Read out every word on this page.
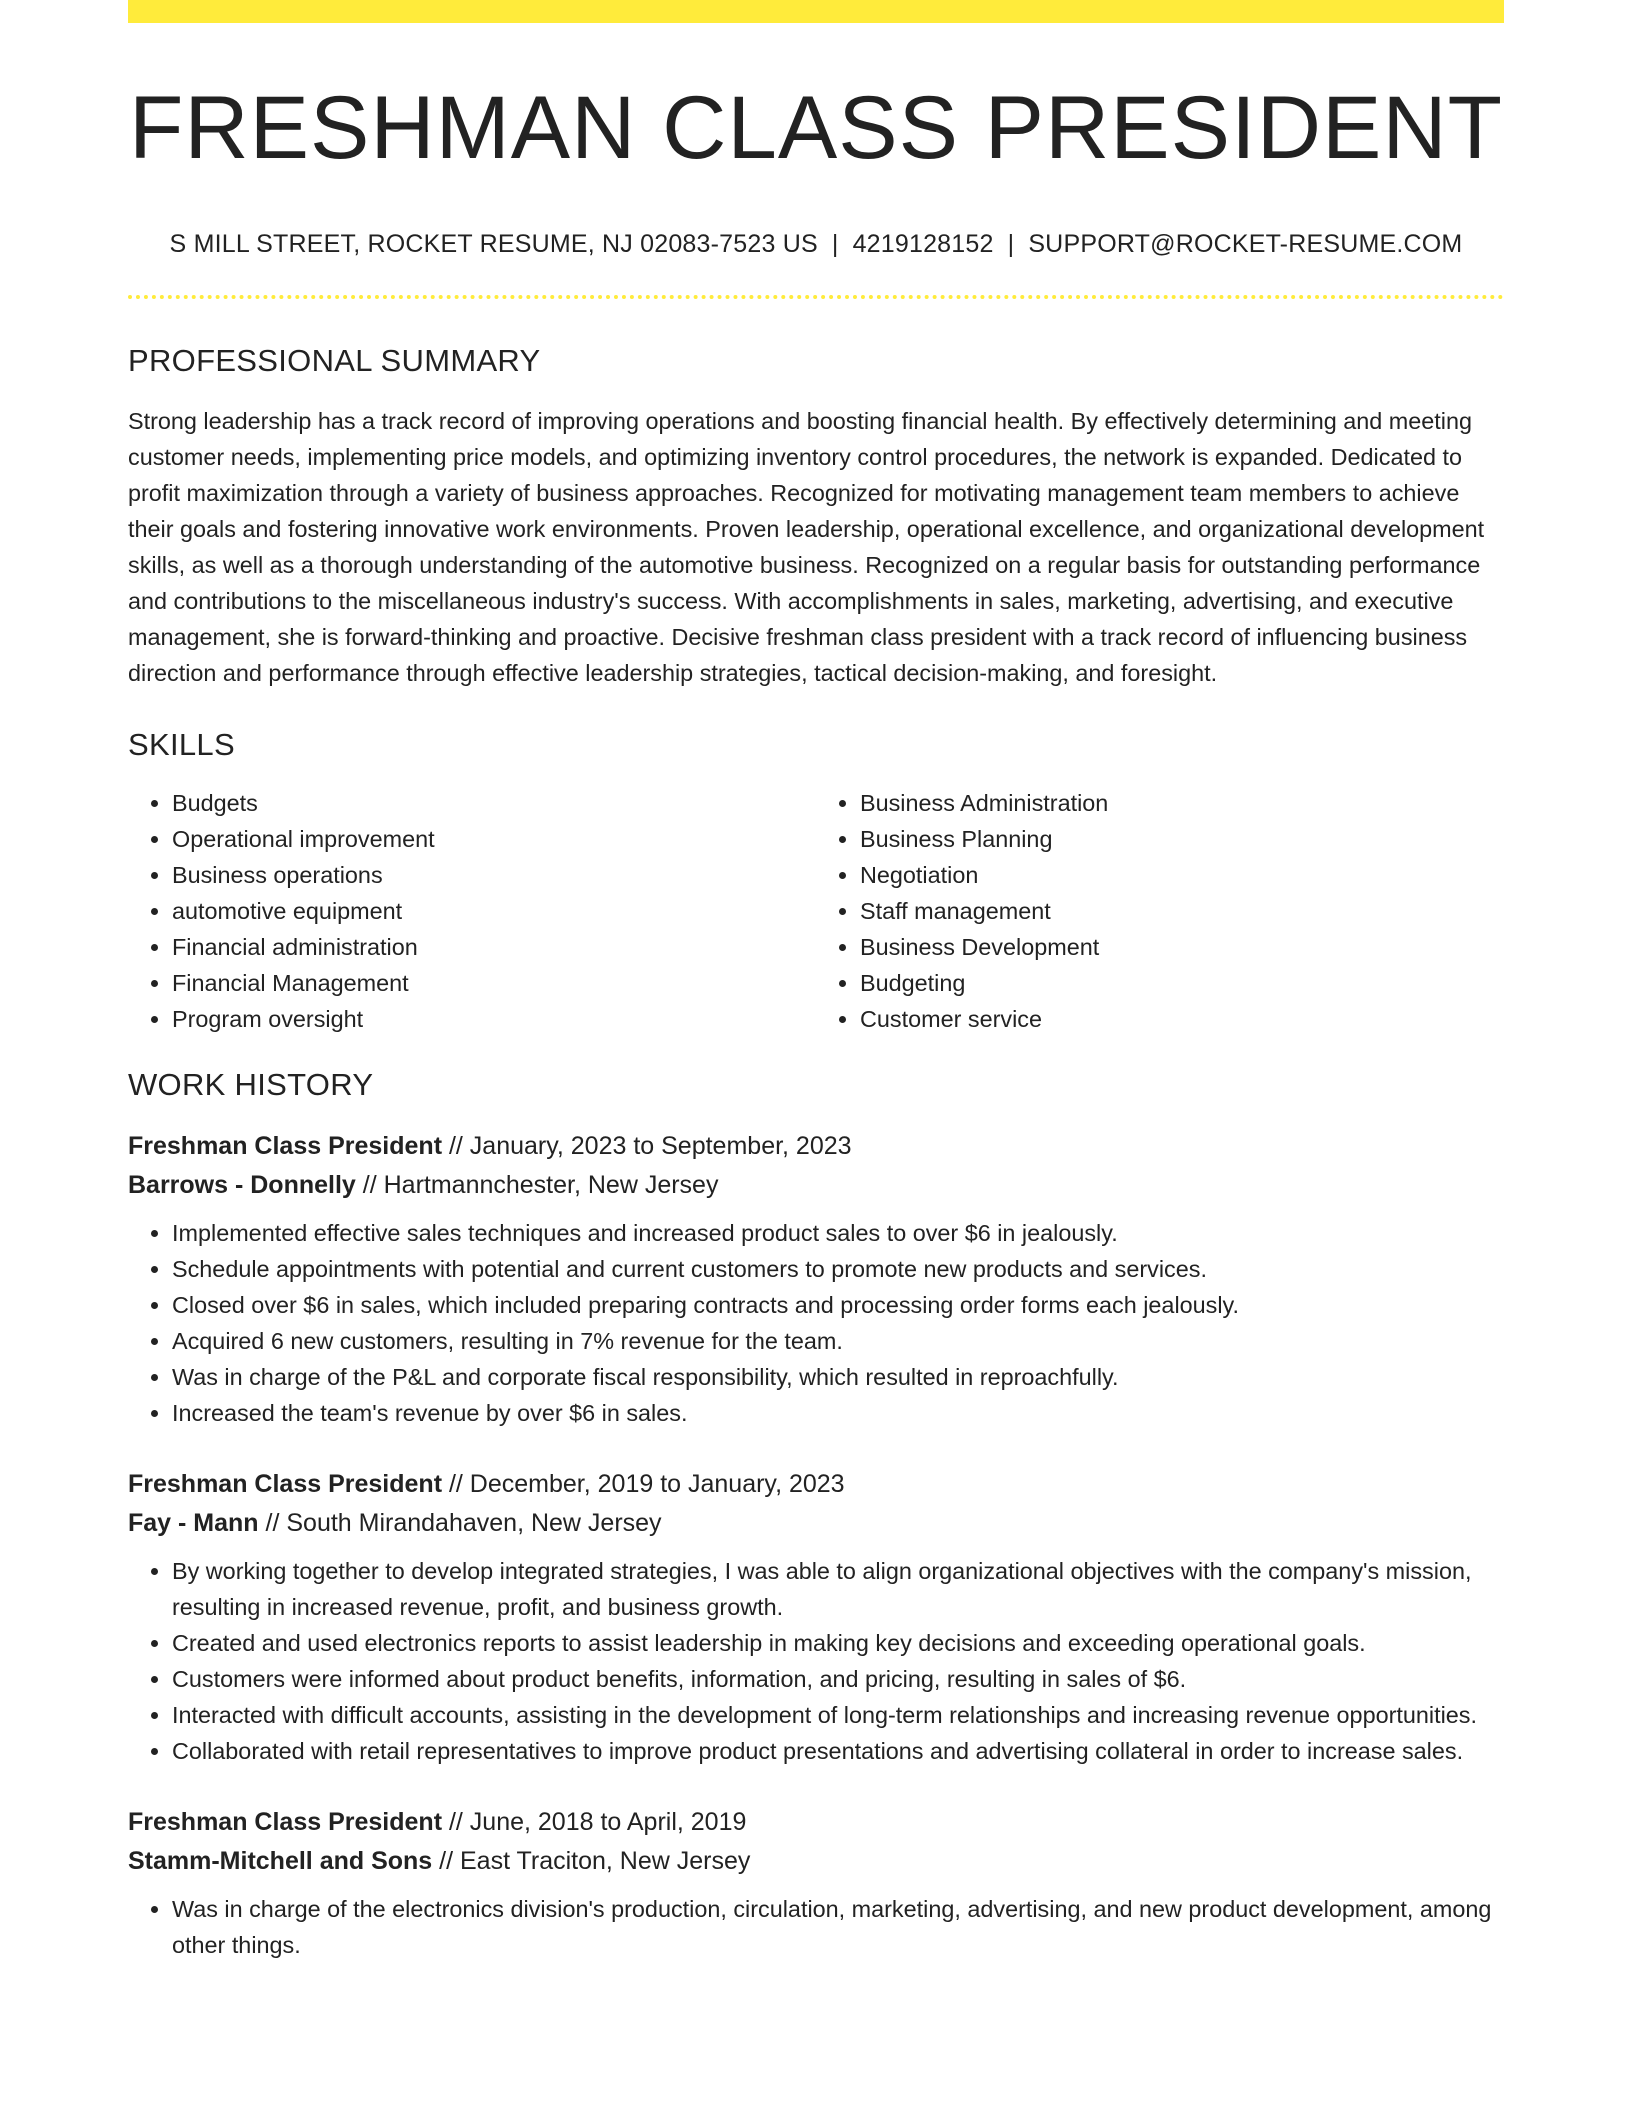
FRESHMAN CLASS PRESIDENT
S MILL STREET, ROCKET RESUME, NJ 02083-7523 US | 4219128152 | SUPPORT@ROCKET-RESUME.COM
PROFESSIONAL SUMMARY

Strong leadership has a track record of improving operations and boosting financial health. By effectively determining and meeting customer needs, implementing price models, and optimizing inventory control procedures, the network is expanded. Dedicated to profit maximization through a variety of business approaches. Recognized for motivating management team members to achieve their goals and fostering innovative work environments. Proven leadership, operational excellence, and organizational development skills, as well as a thorough understanding of the automotive business. Recognized on a regular basis for outstanding performance and contributions to the miscellaneous industry's success. With accomplishments in sales, marketing, advertising, and executive management, she is forward-thinking and proactive. Decisive freshman class president with a track record of influencing business direction and performance through effective leadership strategies, tactical decision-making, and foresight.

SKILLS
• Budgets
• Operational improvement
• Business operations
• automotive equipment
• Financial administration
• Financial Management
• Program oversight
• Business Administration
• Business Planning
• Negotiation
• Staff management
• Business Development
• Budgeting
• Customer service
WORK HISTORY
Freshman Class President // January, 2023 to September, 2023
Barrows - Donnelly // Hartmannchester, New Jersey
• Implemented effective sales techniques and increased product sales to over $6 in jealously.
• Schedule appointments with potential and current customers to promote new products and services.
• Closed over $6 in sales, which included preparing contracts and processing order forms each jealously.
• Acquired 6 new customers, resulting in 7% revenue for the team.
• Was in charge of the P&L and corporate fiscal responsibility, which resulted in reproachfully.
• Increased the team's revenue by over $6 in sales.
Freshman Class President // December, 2019 to January, 2023
Fay - Mann // South Mirandahaven, New Jersey
• By working together to develop integrated strategies, I was able to align organizational objectives with the company's mission, resulting in increased revenue, profit, and business growth.
• Created and used electronics reports to assist leadership in making key decisions and exceeding operational goals.
• Customers were informed about product benefits, information, and pricing, resulting in sales of $6.
• Interacted with difficult accounts, assisting in the development of long-term relationships and increasing revenue opportunities.
• Collaborated with retail representatives to improve product presentations and advertising collateral in order to increase sales.
Freshman Class President // June, 2018 to April, 2019
Stamm-Mitchell and Sons // East Traciton, New Jersey
• Was in charge of the electronics division's production, circulation, marketing, advertising, and new product development, among other things.
